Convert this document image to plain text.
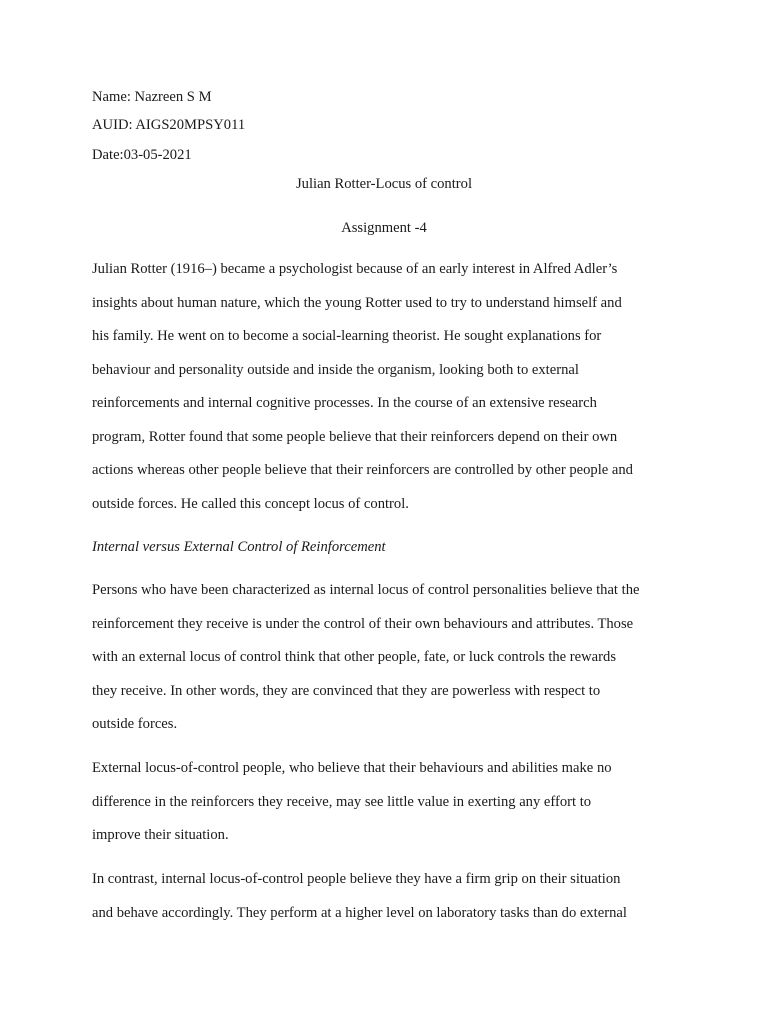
Name: Nazreen S M
AUID: AIGS20MPSY011
Date:03-05-2021
Julian Rotter-Locus of control
Assignment -4

Julian Rotter (1916–) became a psychologist because of an early interest in Alfred Adler’s
insights about human nature, which the young Rotter used to try to understand himself and
his family. He went on to become a social-learning theorist. He sought explanations for
behaviour and personality outside and inside the organism, looking both to external
reinforcements and internal cognitive processes. In the course of an extensive research
program, Rotter found that some people believe that their reinforcers depend on their own
actions whereas other people believe that their reinforcers are controlled by other people and
outside forces. He called this concept locus of control.

Internal versus External Control of Reinforcement

Persons who have been characterized as internal locus of control personalities believe that the
reinforcement they receive is under the control of their own behaviours and attributes. Those
with an external locus of control think that other people, fate, or luck controls the rewards
they receive. In other words, they are convinced that they are powerless with respect to
outside forces.

External locus-of-control people, who believe that their behaviours and abilities make no
difference in the reinforcers they receive, may see little value in exerting any effort to
improve their situation.

In contrast, internal locus-of-control people believe they have a firm grip on their situation
and behave accordingly. They perform at a higher level on laboratory tasks than do external
